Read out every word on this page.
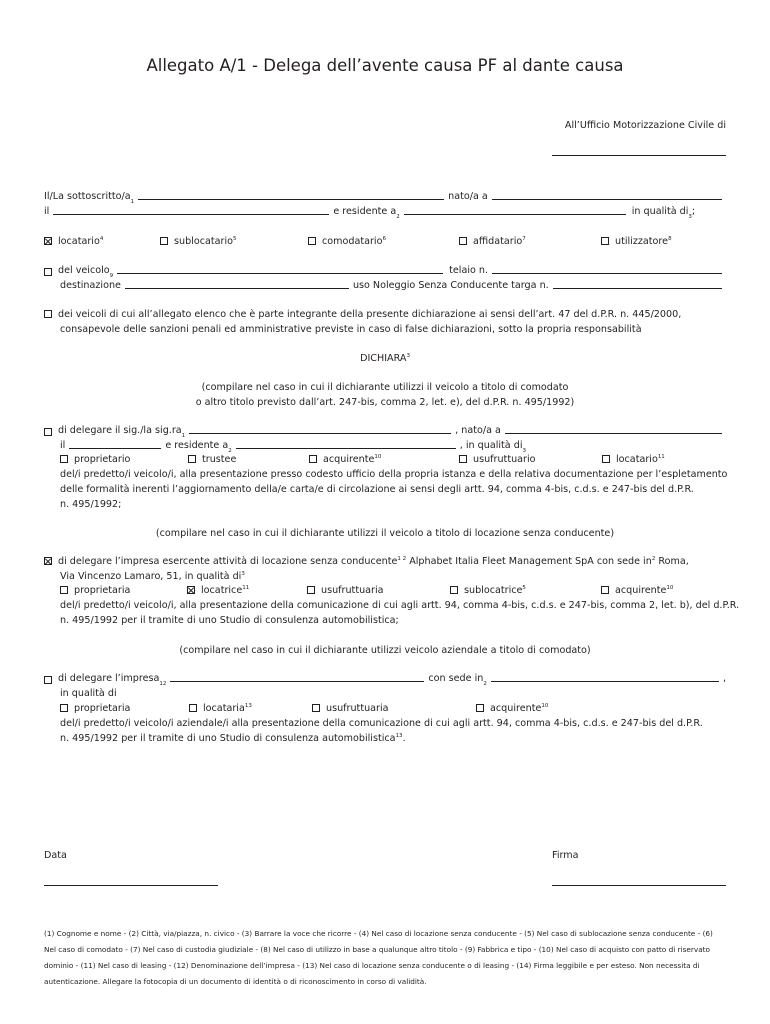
Allegato A/1 - Delega dell’avente causa PF al dante causa
All’Ufficio Motorizzazione Civile di
Il/La sottoscritto/a 1	nato/a a
il	e residente a 2	in qualità di 3 ;
locatario$^4$	sublocatario$^5$	comodatario$^6$	affidatario$^7$	utilizzatore$^8$
del veicolo 9	telaio n.
destinazione	uso Noleggio Senza Conducente targa n.
dei veicoli di cui all’allegato elenco che è parte integrante della presente dichiarazione ai sensi dell’art. 47 del d.P.R. n. 445/2000,
consapevole delle sanzioni penali ed amministrative previste in caso di false dichiarazioni, sotto la propria responsabilità
DICHIARA$^3$
(compilare nel caso in cui il dichiarante utilizzi il veicolo a titolo di comodato
o altro titolo previsto dall’art. 247-bis, comma 2, let. e), del d.P.R. n. 495/1992)
di delegare il sig./la sig.ra 1	, nato/a a
il	e residente a 2	, in qualità di 3
proprietario	trustee	acquirente$^{10}$	usufruttuario	locatario$^{11}$
del/i predetto/i veicolo/i, alla presentazione presso codesto ufficio della propria istanza e della relativa documentazione per l’espletamento
delle formalità inerenti l’aggiornamento della/e carta/e di circolazione ai sensi degli artt. 94, comma 4-bis, c.d.s. e 247-bis del d.P.R.
n. 495/1992;
(compilare nel caso in cui il dichiarante utilizzi il veicolo a titolo di locazione senza conducente)
di delegare l’impresa esercente attività di locazione senza conducente$^{1 2}$ Alphabet Italia Fleet Management SpA con sede $in^2$ Roma,
Via Vincenzo Lamaro, 51, in qualità $di^3$
proprietaria	locatrice$^{11}$	usufruttuaria	sublocatrice$^5$	acquirente$^{10}$
del/i predetto/i veicolo/i, alla presentazione della comunicazione di cui agli artt. 94, comma 4-bis, c.d.s. e 247-bis, comma 2, let. b), del d.P.R.
n. 495/1992 per il tramite di uno Studio di consulenza automobilistica;
(compilare nel caso in cui il dichiarante utilizzi veicolo aziendale a titolo di comodato)
di delegare l’impresa 12	con sede in 2	,
in qualità di
proprietaria	locataria$^{13}$	usufruttuaria	acquirente$^{10}$
del/i predetto/i veicolo/i aziendale/i alla presentazione della comunicazione di cui agli artt. 94, comma 4-bis, c.d.s. e 247-bis del d.P.R.
n. 495/1992 per il tramite di uno Studio di consulenza automobilistica$^{13}$.
Data	Firma
(1) Cognome e nome - (2) Città, via/piazza, n. civico - (3) Barrare la voce che ricorre - (4) Nel caso di locazione senza conducente - (5) Nel caso di sublocazione senza conducente - (6) Nel caso di comodato - (7) Nel caso di custodia giudiziale - (8) Nel caso di utilizzo in base a qualunque altro titolo - (9) Fabbrica e tipo - (10) Nel caso di acquisto con patto di riservato dominio - (11) Nel caso di leasing - (12) Denominazione dell’impresa - (13) Nel caso di locazione senza conducente o di leasing - (14) Firma leggibile e per esteso. Non necessita di autenticazione. Allegare la fotocopia di un documento di identità o di riconoscimento in corso di validità.
